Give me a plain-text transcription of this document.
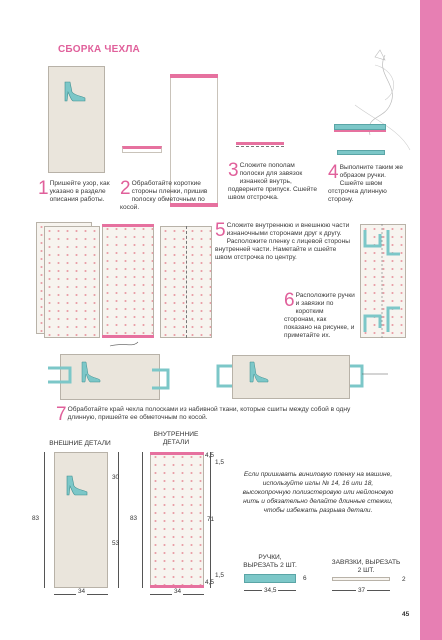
СБОРКА ЧЕХЛА
1 Пришейте узор, как указано в разделе описания работы.
2 Обработайте короткие стороны пленки, пришив полоску обметочным по косой.
3 Сложите пополам полоски для завязок изнанкой внутрь, подверните припуск. Сшейте швом отстрочка.
4 Выполните таким же образом ручки. Сшейте швом отстрочка длинную сторону.
5 Сложите внутреннюю и внешнюю части изнаночными сторонами друг к другу. Расположите пленку с лицевой стороны внутренней части. Наметайте и сшейте швом отстрочка по центру.
6 Расположите ручки и завязки по коротким сторонам, как показано на рисунке, и приметайте их.
7 Обработайте край чехла полосками из набивной ткани, которые сшиты между собой в одну длинную, пришейте ее обметочным по косой.
ВНЕШНИЕ ДЕТАЛИ
83
30
53
34
ВНУТРЕННИЕ ДЕТАЛИ
83
4,5
1,5
71
1,5
4,5
34
Если пришивать виниловую пленку на машине, используйте иглы № 14, 16 или 18, высокопрочную полиэстеровую или нейлоновую нить и обязательно делайте длинные стежки, чтобы избежать разрыва детали.
РУЧКИ, ВЫРЕЗАТЬ 2 ШТ.
34,5
6
ЗАВЯЗКИ, ВЫРЕЗАТЬ 2 ШТ.
37
2
45
